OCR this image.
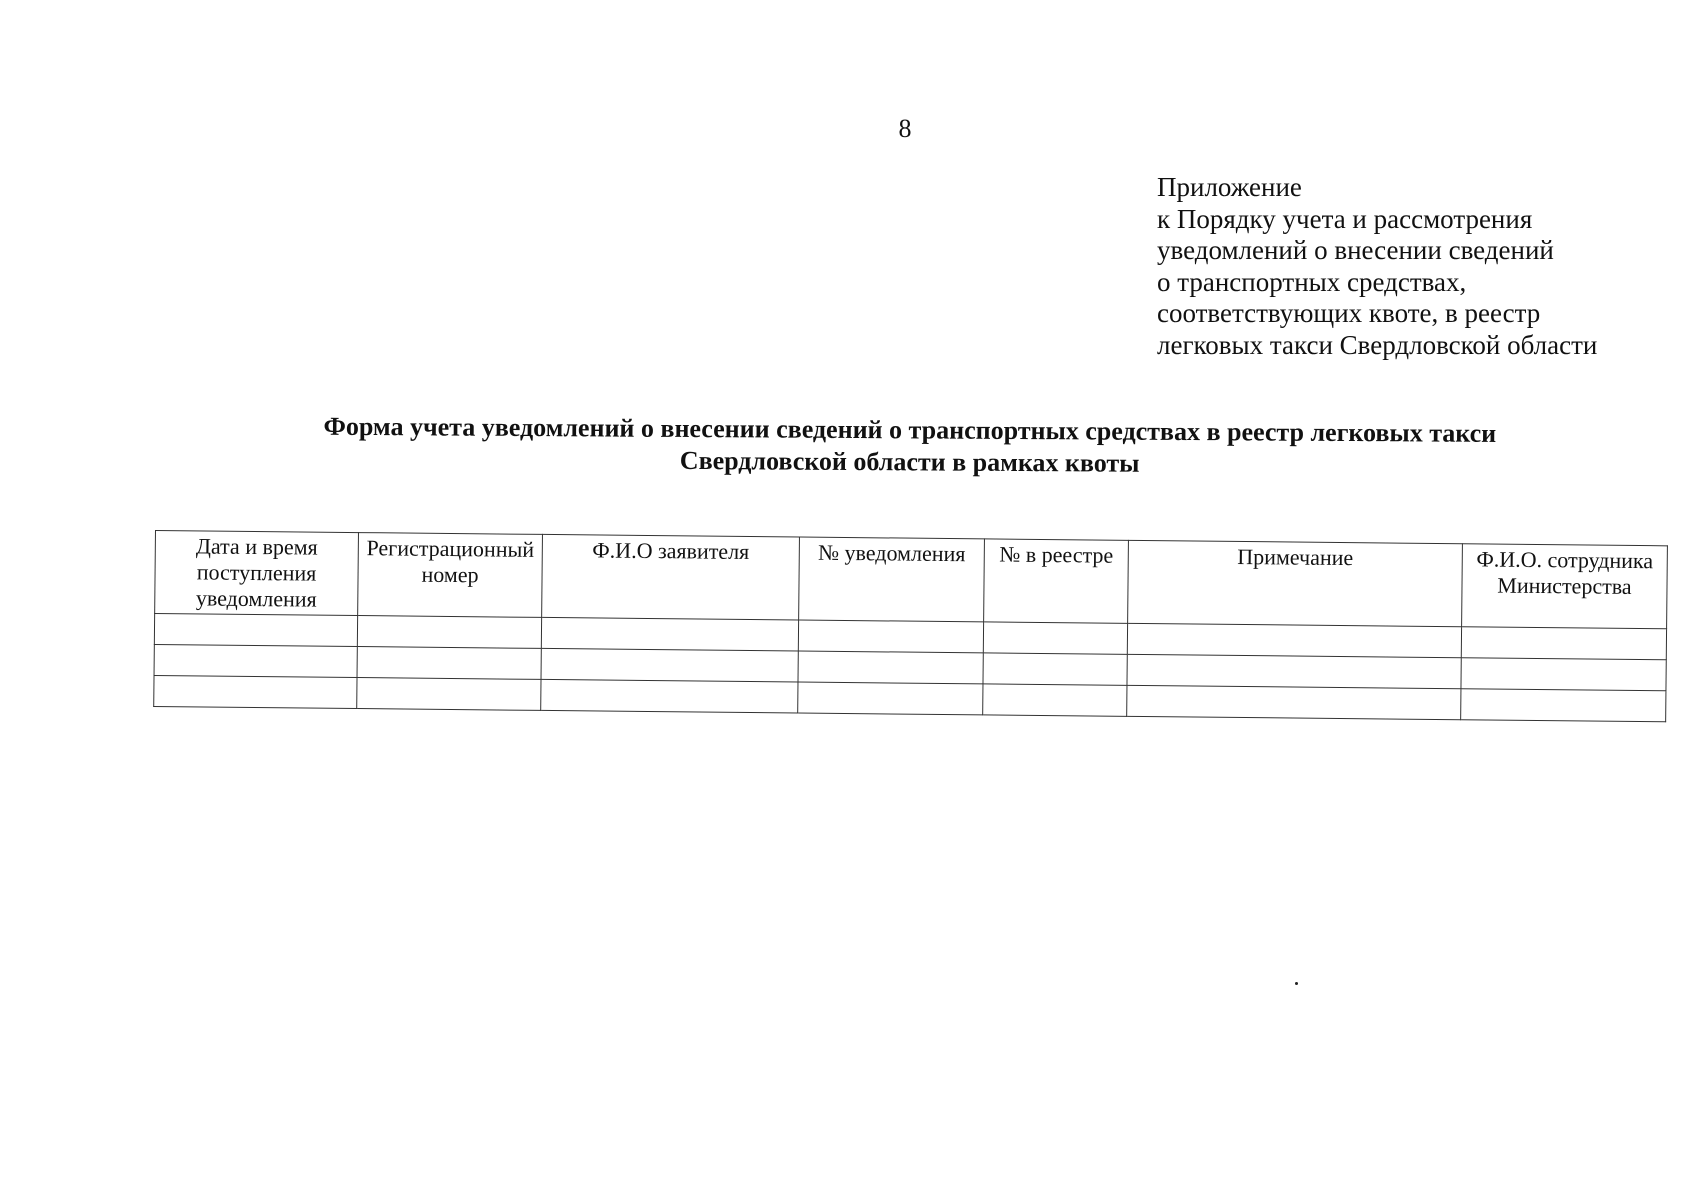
8
Приложение
к Порядку учета и рассмотрения
уведомлений о внесении сведений
о транспортных средствах,
соответствующих квоте, в реестр
легковых такси Свердловской области
Форма учета уведомлений о внесении сведений о транспортных средствах в реестр легковых такси
Свердловской области в рамках квоты
Дата и время поступления уведомления	Регистрационный номер	Ф.И.О заявителя	№ уведомления	№ в реестре	Примечание	Ф.И.О. сотрудника Министерства
